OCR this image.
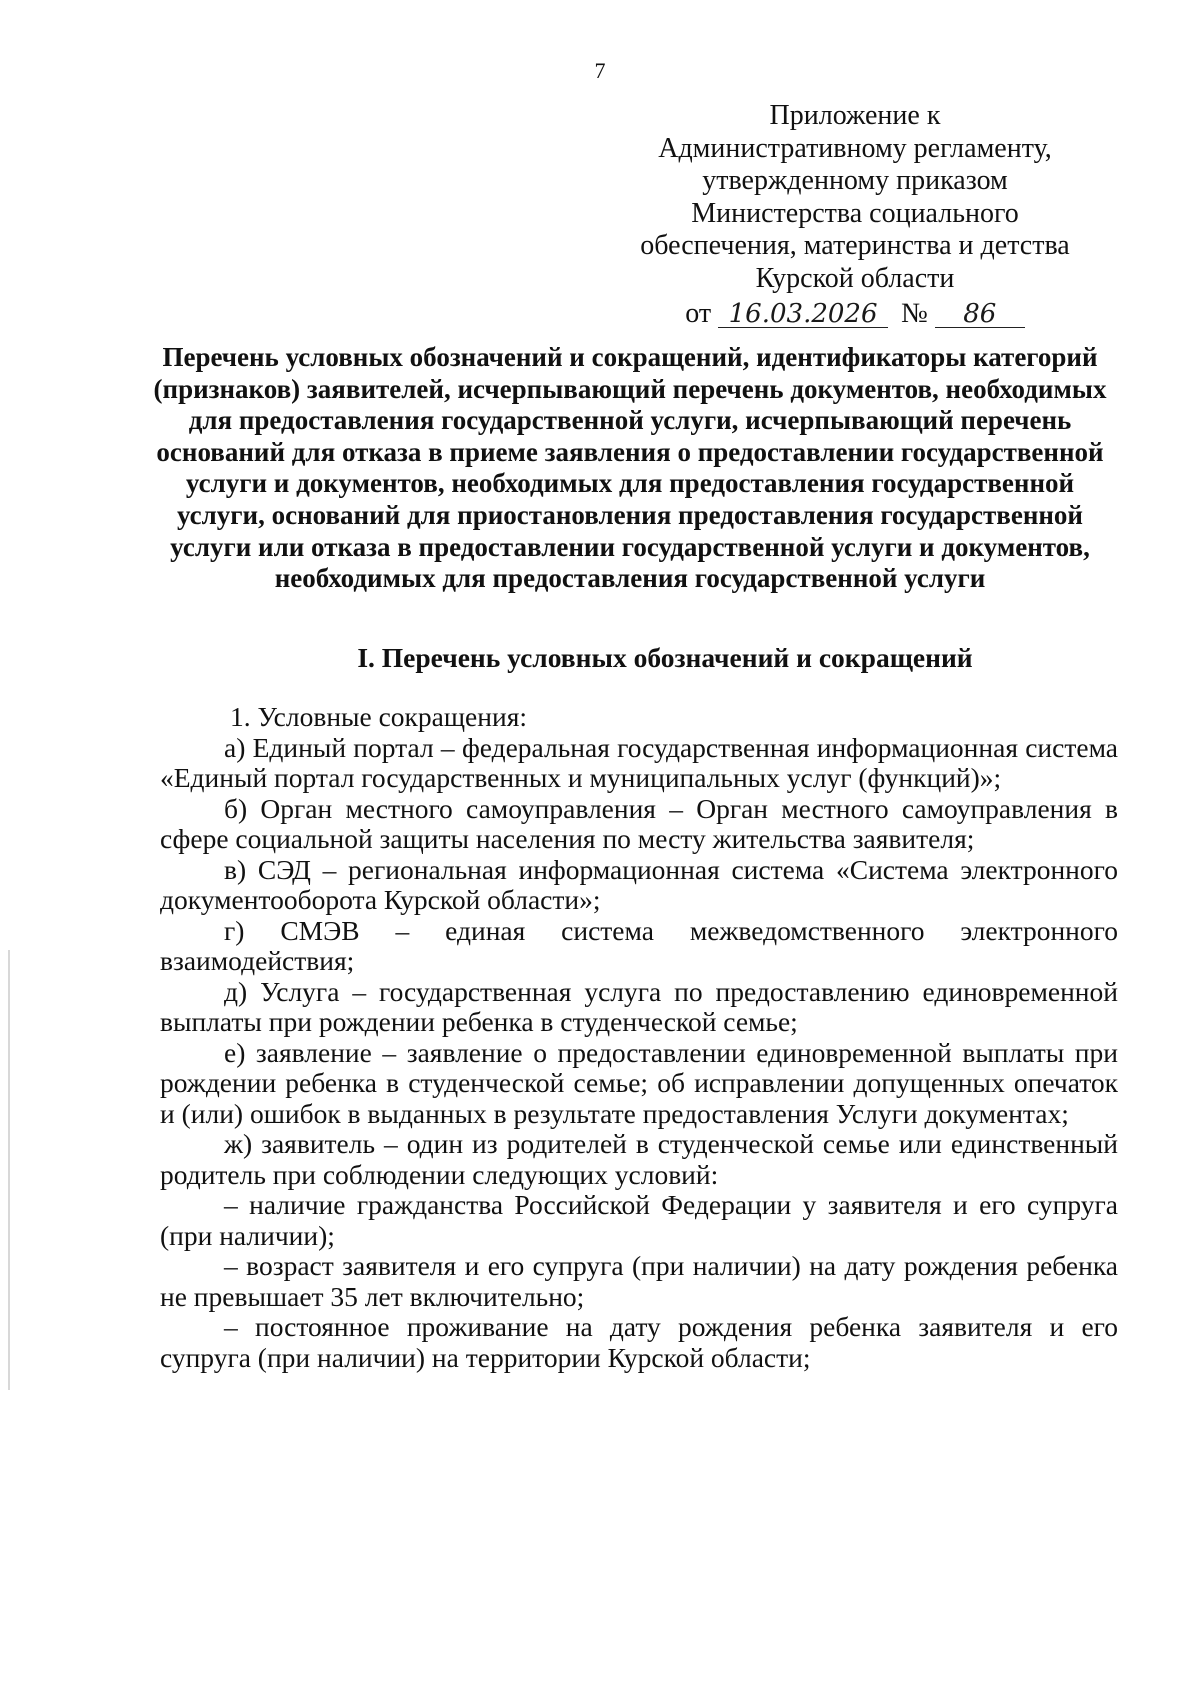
7
Приложение к
Административному регламенту,
утвержденному приказом
Министерства социального
обеспечения, материнства и детства
Курской области
от 16.03.2026 № 86
Перечень условных обозначений и сокращений, идентификаторы категорий (признаков) заявителей, исчерпывающий перечень документов, необходимых для предоставления государственной услуги, исчерпывающий перечень оснований для отказа в приеме заявления о предоставлении государственной услуги и документов, необходимых для предоставления государственной услуги, оснований для приостановления предоставления государственной услуги или отказа в предоставлении государственной услуги и документов, необходимых для предоставления государственной услуги
I. Перечень условных обозначений и сокращений

1. Условные сокращения:

а) Единый портал – федеральная государственная информационная система «Единый портал государственных и муниципальных услуг (функций)»;

б) Орган местного самоуправления – Орган местного самоуправления в сфере социальной защиты населения по месту жительства заявителя;

в) СЭД – региональная информационная система «Система электронного документооборота Курской области»;

г) СМЭВ – единая система межведомственного электронного взаимодействия;

д) Услуга – государственная услуга по предоставлению единовременной выплаты при рождении ребенка в студенческой семье;

е) заявление – заявление о предоставлении единовременной выплаты при рождении ребенка в студенческой семье; об исправлении допущенных опечаток и (или) ошибок в выданных в результате предоставления Услуги документах;

ж) заявитель – один из родителей в студенческой семье или единственный родитель при соблюдении следующих условий:

– наличие гражданства Российской Федерации у заявителя и его супруга (при наличии);

– возраст заявителя и его супруга (при наличии) на дату рождения ребенка не превышает 35 лет включительно;

– постоянное проживание на дату рождения ребенка заявителя и его супруга (при наличии) на территории Курской области;
